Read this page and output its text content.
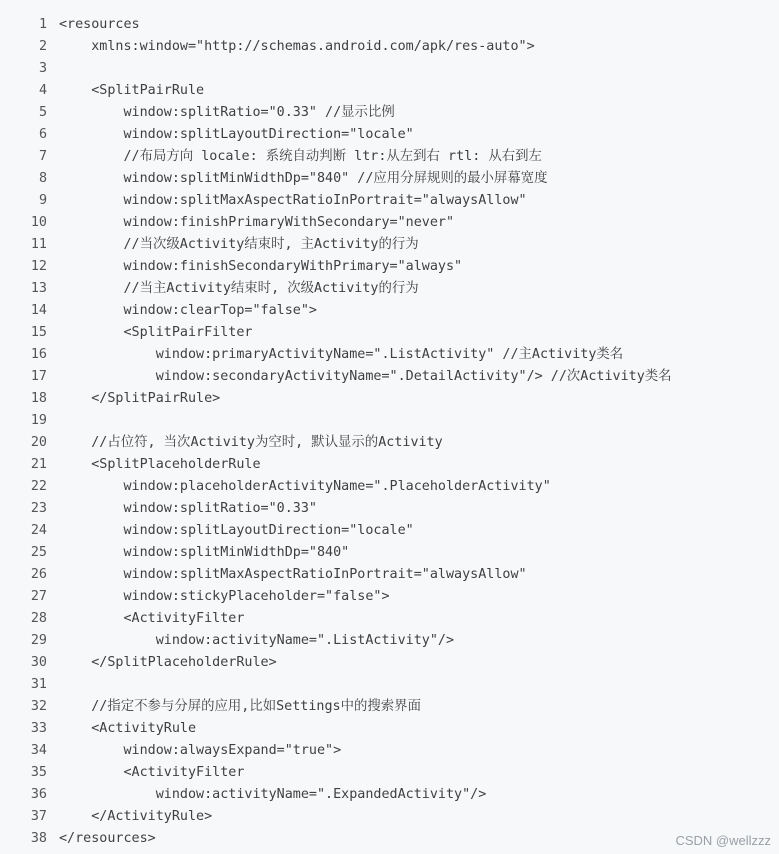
1 <resources
2 xmlns:window="http://schemas.android.com/apk/res-auto">
3
4 <SplitPairRule
5 window:splitRatio="0.33" //显示比例
6 window:splitLayoutDirection="locale"
7 //布局方向 locale: 系统自动判断 ltr:从左到右 rtl: 从右到左
8 window:splitMinWidthDp="840" //应用分屏规则的最小屏幕宽度
9 window:splitMaxAspectRatioInPortrait="alwaysAllow"
10 window:finishPrimaryWithSecondary="never"
11 //当次级Activity结束时, 主Activity的行为
12 window:finishSecondaryWithPrimary="always"
13 //当主Activity结束时, 次级Activity的行为
14 window:clearTop="false">
15 <SplitPairFilter
16 window:primaryActivityName=".ListActivity" //主Activity类名
17 window:secondaryActivityName=".DetailActivity"/> //次Activity类名
18 </SplitPairRule>
19
20 //占位符, 当次Activity为空时, 默认显示的Activity
21 <SplitPlaceholderRule
22 window:placeholderActivityName=".PlaceholderActivity"
23 window:splitRatio="0.33"
24 window:splitLayoutDirection="locale"
25 window:splitMinWidthDp="840"
26 window:splitMaxAspectRatioInPortrait="alwaysAllow"
27 window:stickyPlaceholder="false">
28 <ActivityFilter
29 window:activityName=".ListActivity"/>
30 </SplitPlaceholderRule>
31
32 //指定不参与分屏的应用,比如Settings中的搜索界面
33 <ActivityRule
34 window:alwaysExpand="true">
35 <ActivityFilter
36 window:activityName=".ExpandedActivity"/>
37 </ActivityRule>
38 </resources>	CSDN @wellzzz
